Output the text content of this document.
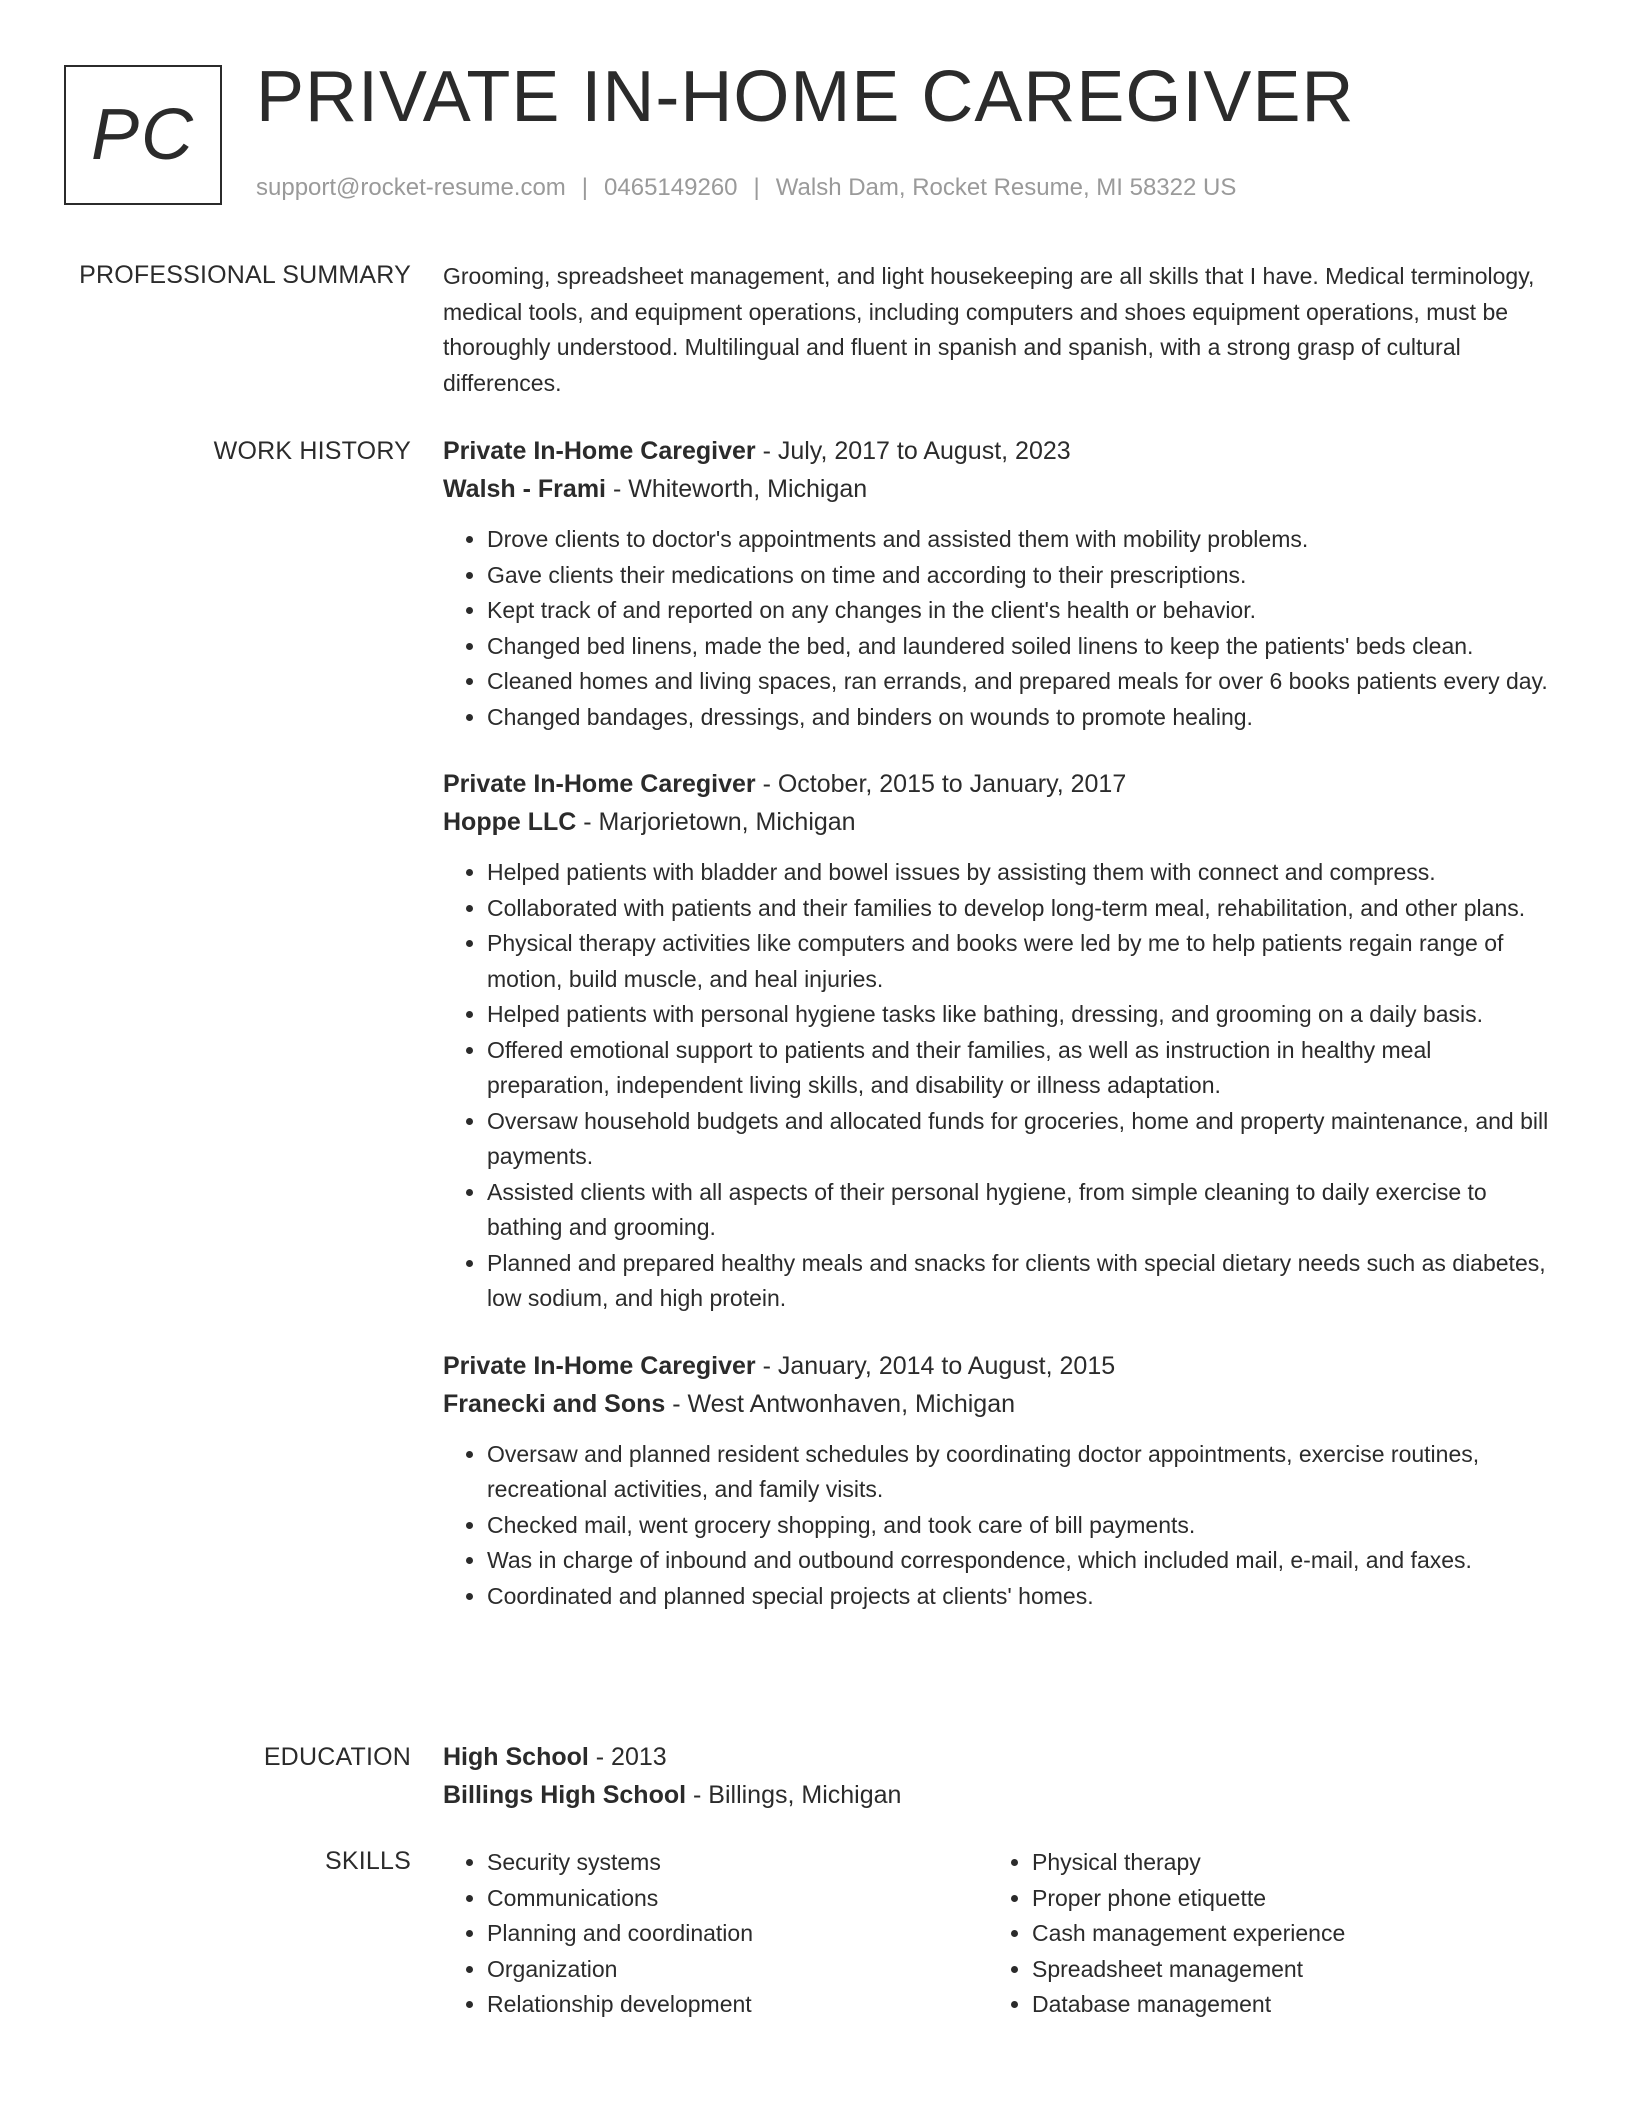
PC PRIVATE IN-HOME CAREGIVER
support@rocket-resume.com | 0465149260 | Walsh Dam, Rocket Resume, MI 58322 US
PROFESSIONAL SUMMARY Grooming, spreadsheet management, and light housekeeping are all skills that I have. Medical terminology, medical tools, and equipment operations, including computers and shoes equipment operations, must be thoroughly understood. Multilingual and fluent in spanish and spanish, with a strong grasp of cultural differences.
WORK HISTORY Private In-Home Caregiver - July, 2017 to August, 2023
Walsh - Frami - Whiteworth, Michigan
• Drove clients to doctor's appointments and assisted them with mobility problems.
• Gave clients their medications on time and according to their prescriptions.
• Kept track of and reported on any changes in the client's health or behavior.
• Changed bed linens, made the bed, and laundered soiled linens to keep the patients' beds clean.
• Cleaned homes and living spaces, ran errands, and prepared meals for over 6 books patients every day.
• Changed bandages, dressings, and binders on wounds to promote healing.
Private In-Home Caregiver - October, 2015 to January, 2017
Hoppe LLC - Marjorietown, Michigan
• Helped patients with bladder and bowel issues by assisting them with connect and compress.
• Collaborated with patients and their families to develop long-term meal, rehabilitation, and other plans.
• Physical therapy activities like computers and books were led by me to help patients regain range of motion, build muscle, and heal injuries.
• Helped patients with personal hygiene tasks like bathing, dressing, and grooming on a daily basis.
• Offered emotional support to patients and their families, as well as instruction in healthy meal preparation, independent living skills, and disability or illness adaptation.
• Oversaw household budgets and allocated funds for groceries, home and property maintenance, and bill payments.
• Assisted clients with all aspects of their personal hygiene, from simple cleaning to daily exercise to bathing and grooming.
• Planned and prepared healthy meals and snacks for clients with special dietary needs such as diabetes, low sodium, and high protein.
Private In-Home Caregiver - January, 2014 to August, 2015
Franecki and Sons - West Antwonhaven, Michigan
• Oversaw and planned resident schedules by coordinating doctor appointments, exercise routines, recreational activities, and family visits.
• Checked mail, went grocery shopping, and took care of bill payments.
• Was in charge of inbound and outbound correspondence, which included mail, e-mail, and faxes.
• Coordinated and planned special projects at clients' homes.
EDUCATION High School - 2013
Billings High School - Billings, Michigan
SKILLS
•	Security systems
• Communications
• Planning and coordination
• Organization
• Relationship development
• Physical therapy
• Proper phone etiquette
• Cash management experience
• Spreadsheet management
• Database management
